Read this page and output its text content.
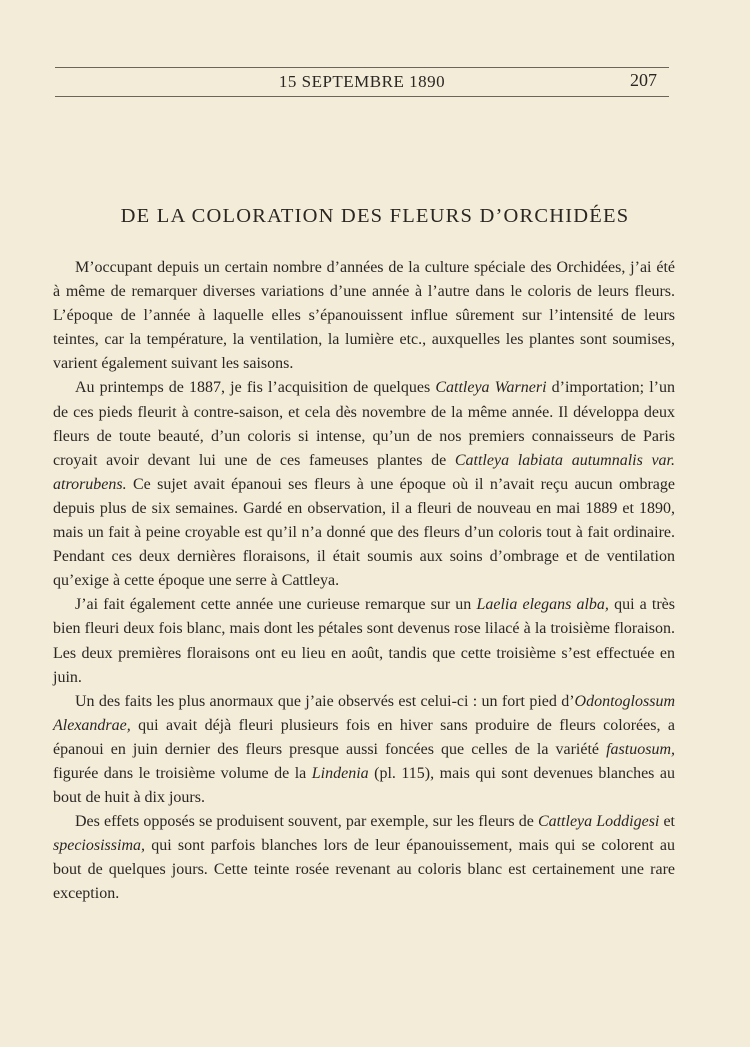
15 SEPTEMBRE 1890	207
DE LA COLORATION DES FLEURS D’ORCHIDÉES

M’occupant depuis un certain nombre d’années de la culture spéciale des Orchidées, j’ai été à même de remarquer diverses variations d’une année à l’autre dans le coloris de leurs fleurs. L’époque de l’année à laquelle elles s’épanouissent influe sûrement sur l’intensité de leurs teintes, car la température, la ventilation, la lumière etc., auxquelles les plantes sont soumises, varient également suivant les saisons.

Au printemps de 1887, je fis l’acquisition de quelques Cattleya Warneri d’importation; l’un de ces pieds fleurit à contre-saison, et cela dès novembre de la même année. Il développa deux fleurs de toute beauté, d’un coloris si intense, qu’un de nos premiers connaisseurs de Paris croyait avoir devant lui une de ces fameuses plantes de Cattleya labiata autumnalis var. atrorubens. Ce sujet avait épanoui ses fleurs à une époque où il n’avait reçu aucun ombrage depuis plus de six semaines. Gardé en observation, il a fleuri de nouveau en mai 1889 et 1890, mais un fait à peine croyable est qu’il n’a donné que des fleurs d’un coloris tout à fait ordinaire. Pendant ces deux dernières floraisons, il était soumis aux soins d’ombrage et de ventilation qu’exige à cette époque une serre à Cattleya.

J’ai fait également cette année une curieuse remarque sur un Laelia elegans alba, qui a très bien fleuri deux fois blanc, mais dont les pétales sont devenus rose lilacé à la troisième floraison. Les deux premières floraisons ont eu lieu en août, tandis que cette troisième s’est effectuée en juin.

Un des faits les plus anormaux que j’aie observés est celui-ci : un fort pied d’Odontoglossum Alexandrae, qui avait déjà fleuri plusieurs fois en hiver sans produire de fleurs colorées, a épanoui en juin dernier des fleurs presque aussi foncées que celles de la variété fastuosum, figurée dans le troisième volume de la Lindenia (pl. 115), mais qui sont devenues blanches au bout de huit à dix jours.

Des effets opposés se produisent souvent, par exemple, sur les fleurs de Cattleya Loddigesi et speciosissima, qui sont parfois blanches lors de leur épanouissement, mais qui se colorent au bout de quelques jours. Cette teinte rosée revenant au coloris blanc est certainement une rare exception.
